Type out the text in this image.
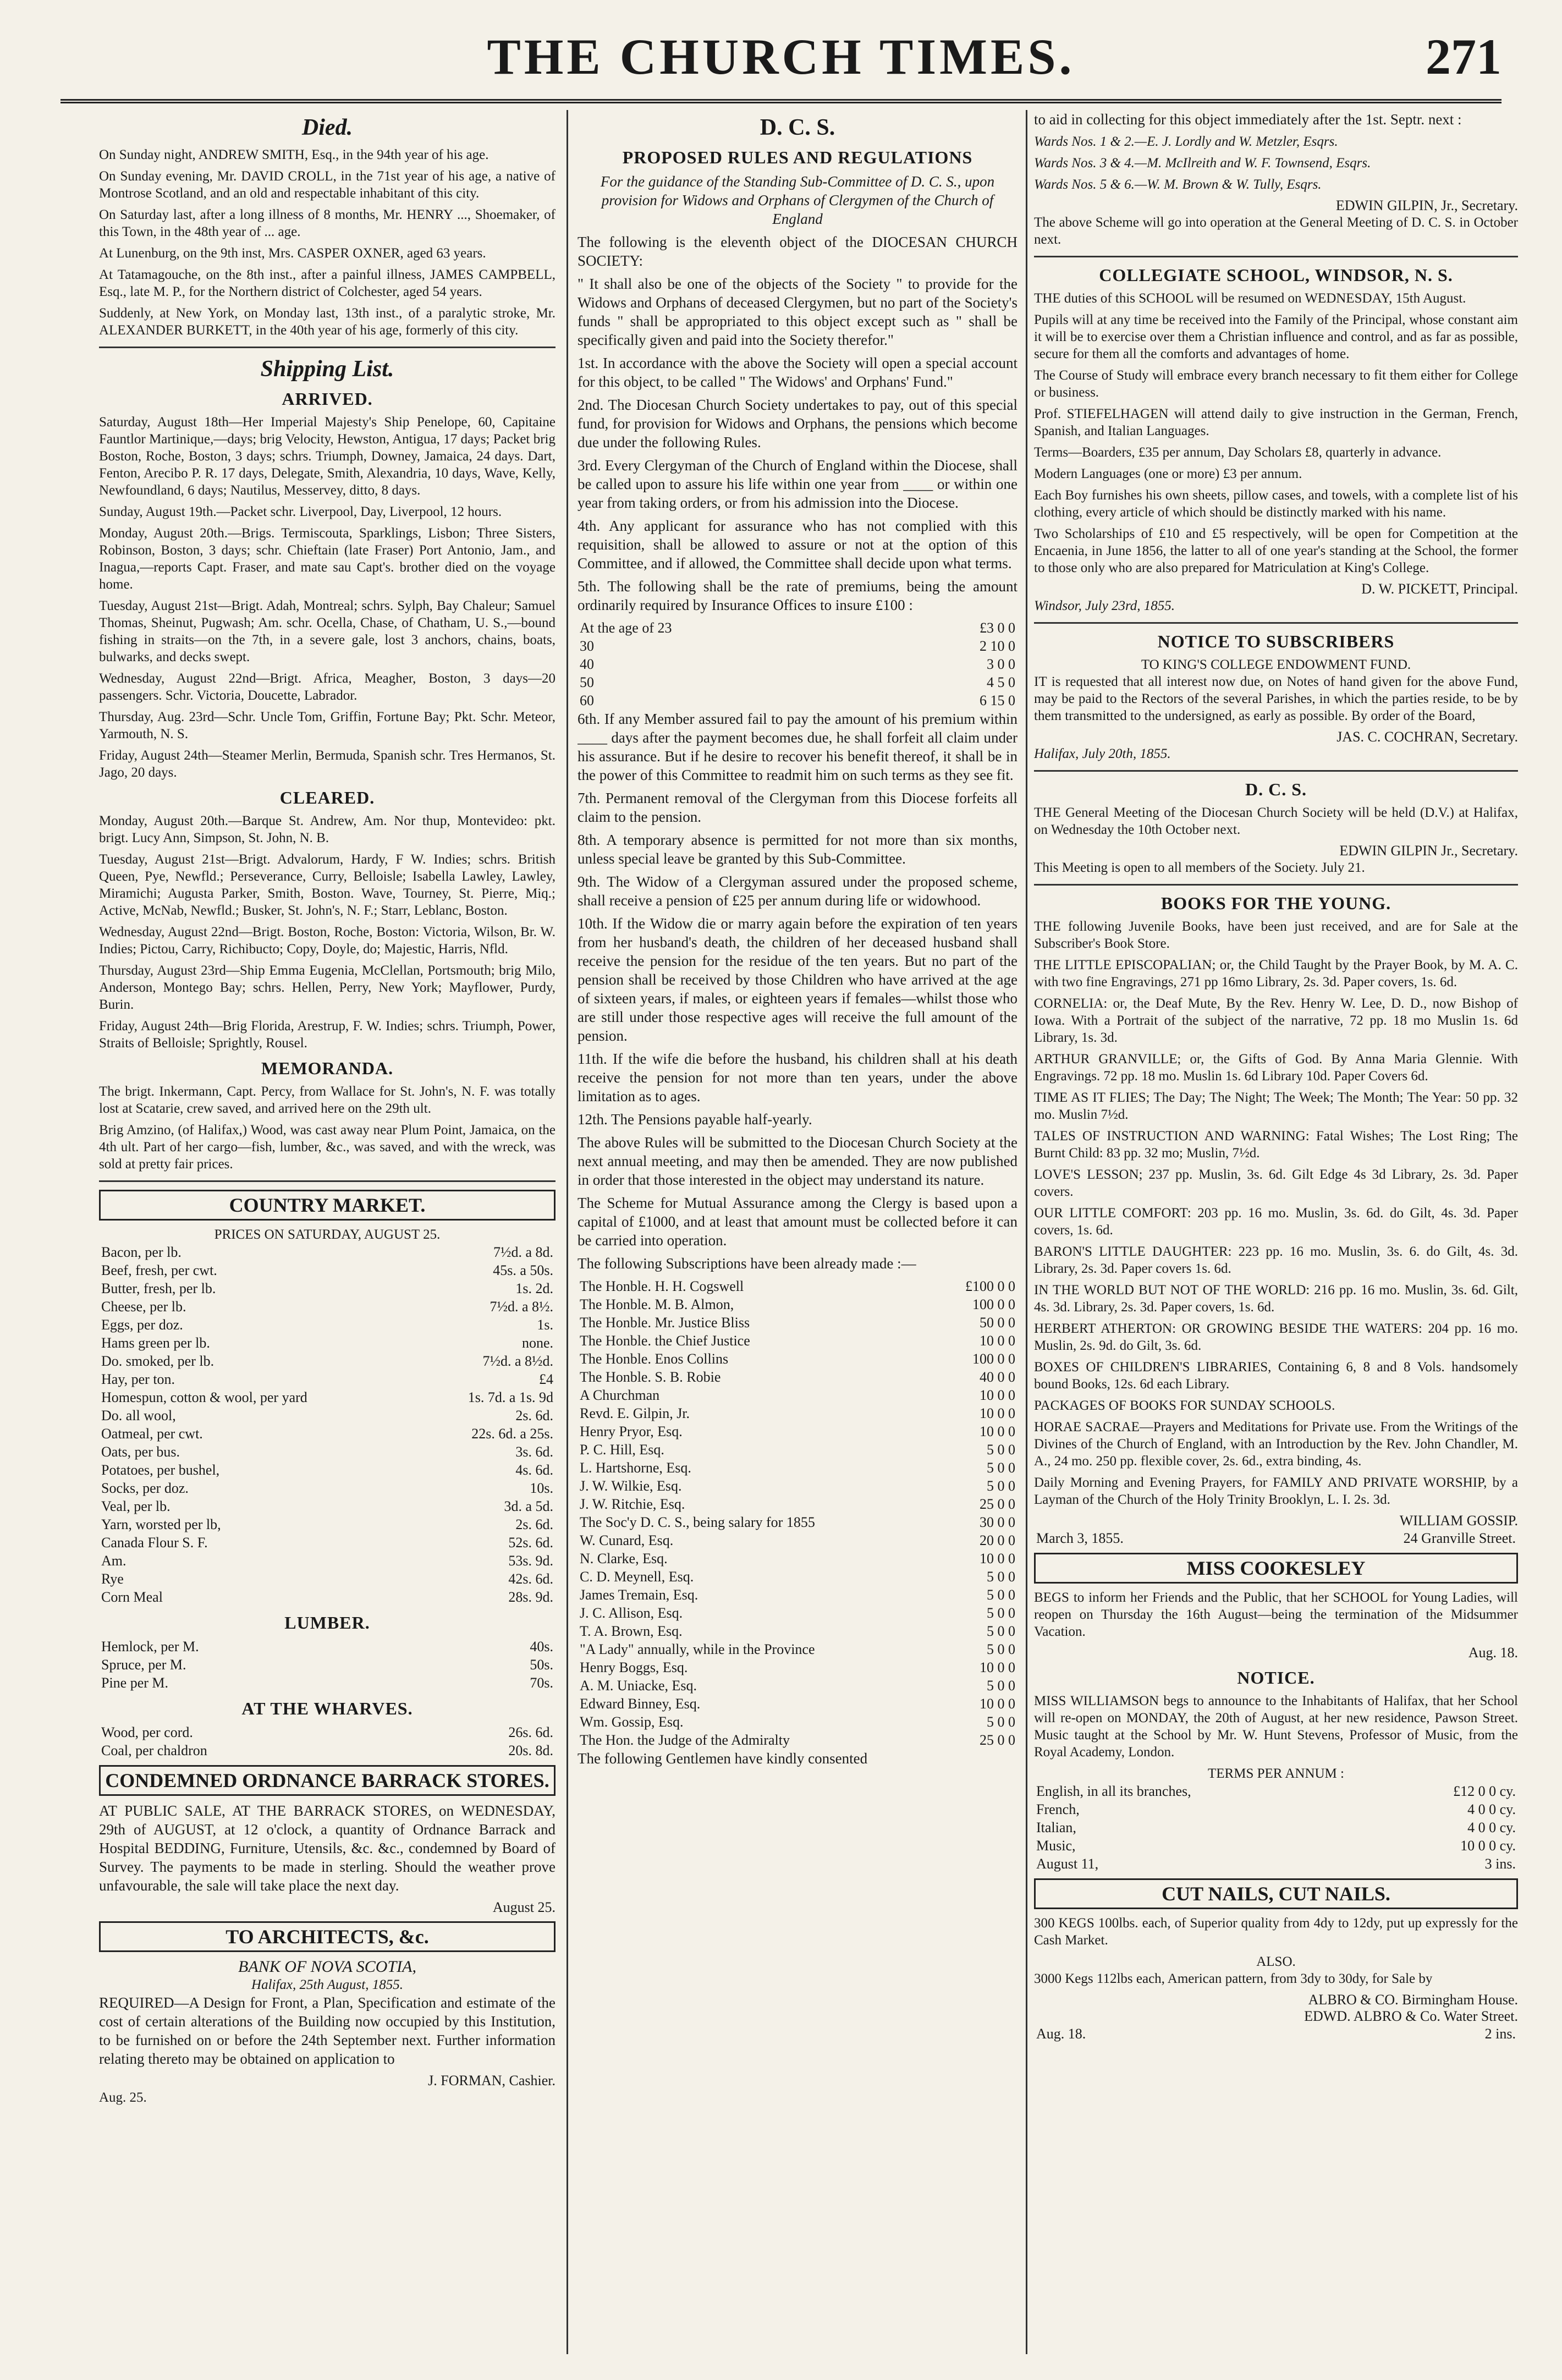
THE CHURCH TIMES.	271
Died.

On Sunday night, ANDREW SMITH, Esq., in the 94th year of his age.

On Sunday evening, Mr. DAVID CROLL, in the 71st year of his age, a native of Montrose Scotland, and an old and respectable inhabitant of this city.

On Saturday last, after a long illness of 8 months, Mr. HENRY ..., Shoemaker, of this Town, in the 48th year of ... age.

At Lunenburg, on the 9th inst, Mrs. CASPER OXNER, aged 63 years.

At Tatamagouche, on the 8th inst., after a painful illness, JAMES CAMPBELL, Esq., late M. P., for the Northern district of Colchester, aged 54 years.

Suddenly, at New York, on Monday last, 13th inst., of a paralytic stroke, Mr. ALEXANDER BURKETT, in the 40th year of his age, formerly of this city.

Shipping List.
ARRIVED.

Saturday, August 18th—Her Imperial Majesty's Ship Penelope, 60, Capitaine Fauntlor Martinique,—days; brig Velocity, Hewston, Antigua, 17 days; Packet brig Boston, Roche, Boston, 3 days; schrs. Triumph, Downey, Jamaica, 24 days. Dart, Fenton, Arecibo P. R. 17 days, Delegate, Smith, Alexandria, 10 days, Wave, Kelly, Newfoundland, 6 days; Nautilus, Messervey, ditto, 8 days.

Sunday, August 19th.—Packet schr. Liverpool, Day, Liverpool, 12 hours.

Monday, August 20th.—Brigs. Termiscouta, Sparklings, Lisbon; Three Sisters, Robinson, Boston, 3 days; schr. Chieftain (late Fraser) Port Antonio, Jam., and Inagua,—reports Capt. Fraser, and mate sau Capt's. brother died on the voyage home.

Tuesday, August 21st—Brigt. Adah, Montreal; schrs. Sylph, Bay Chaleur; Samuel Thomas, Sheinut, Pugwash; Am. schr. Ocella, Chase, of Chatham, U. S.,—bound fishing in straits—on the 7th, in a severe gale, lost 3 anchors, chains, boats, bulwarks, and decks swept.

Wednesday, August 22nd—Brigt. Africa, Meagher, Boston, 3 days—20 passengers. Schr. Victoria, Doucette, Labrador.

Thursday, Aug. 23rd—Schr. Uncle Tom, Griffin, Fortune Bay; Pkt. Schr. Meteor, Yarmouth, N. S.

Friday, August 24th—Steamer Merlin, Bermuda, Spanish schr. Tres Hermanos, St. Jago, 20 days.

CLEARED.

Monday, August 20th.—Barque St. Andrew, Am. Nor thup, Montevideo: pkt. brigt. Lucy Ann, Simpson, St. John, N. B.

Tuesday, August 21st—Brigt. Advalorum, Hardy, F W. Indies; schrs. British Queen, Pye, Newfld.; Perseverance, Curry, Belloisle; Isabella Lawley, Lawley, Miramichi; Augusta Parker, Smith, Boston. Wave, Tourney, St. Pierre, Miq.; Active, McNab, Newfld.; Busker, St. John's, N. F.; Starr, Leblanc, Boston.

Wednesday, August 22nd—Brigt. Boston, Roche, Boston: Victoria, Wilson, Br. W. Indies; Pictou, Carry, Richibucto; Copy, Doyle, do; Majestic, Harris, Nfld.

Thursday, August 23rd—Ship Emma Eugenia, McClellan, Portsmouth; brig Milo, Anderson, Montego Bay; schrs. Hellen, Perry, New York; Mayflower, Purdy, Burin.

Friday, August 24th—Brig Florida, Arestrup, F. W. Indies; schrs. Triumph, Power, Straits of Belloisle; Sprightly, Rousel.

MEMORANDA.

The brigt. Inkermann, Capt. Percy, from Wallace for St. John's, N. F. was totally lost at Scatarie, crew saved, and arrived here on the 29th ult.

Brig Amzino, (of Halifax,) Wood, was cast away near Plum Point, Jamaica, on the 4th ult. Part of her cargo—fish, lumber, &c., was saved, and with the wreck, was sold at pretty fair prices.

COUNTRY MARKET.
PRICES ON SATURDAY, AUGUST 25.
Bacon, per lb.	7½d. a 8d.
Beef, fresh, per cwt.	45s. a 50s.
Butter, fresh, per lb.	1s. 2d.
Cheese, per lb.	7½d. a 8½.
Eggs, per doz.	1s.
Hams green per lb.	none.
Do. smoked, per lb.	7½d. a 8½d.
Hay, per ton.	£4
Homespun, cotton & wool, per yard	1s. 7d. a 1s. 9d
Do. all wool,	2s. 6d.
Oatmeal, per cwt.	22s. 6d. a 25s.
Oats, per bus.	3s. 6d.
Potatoes, per bushel,	4s. 6d.
Socks, per doz.	10s.
Veal, per lb.	3d. a 5d.
Yarn, worsted per lb,	2s. 6d.
Canada Flour S. F.	52s. 6d.
Am.	53s. 9d.
Rye	42s. 6d.
Corn Meal	28s. 9d.
LUMBER.
Hemlock, per M.	40s.
Spruce, per M.	50s.
Pine per M.	70s.
AT THE WHARVES.
Wood, per cord.	26s. 6d.
Coal, per chaldron	20s. 8d.
CONDEMNED ORDNANCE BARRACK STORES.

AT PUBLIC SALE, AT THE BARRACK STORES, on WEDNESDAY, 29th of AUGUST, at 12 o'clock, a quantity of Ordnance Barrack and Hospital BEDDING, Furniture, Utensils, &c. &c., condemned by Board of Survey. The payments to be made in sterling. Should the weather prove unfavourable, the sale will take place the next day.

August 25.
TO ARCHITECTS, &c.
BANK OF NOVA SCOTIA,
Halifax, 25th August, 1855.

REQUIRED—A Design for Front, a Plan, Specification and estimate of the cost of certain alterations of the Building now occupied by this Institution, to be furnished on or before the 24th September next. Further information relating thereto may be obtained on application to

J. FORMAN, Cashier.
Aug. 25.
D. C. S.
PROPOSED RULES AND REGULATIONS

For the guidance of the Standing Sub-Committee of D. C. S., upon provision for Widows and Orphans of Clergymen of the Church of England

The following is the eleventh object of the DIOCESAN CHURCH SOCIETY:

" It shall also be one of the objects of the Society " to provide for the Widows and Orphans of deceased Clergymen, but no part of the Society's funds " shall be appropriated to this object except such as " shall be specifically given and paid into the Society therefor."

1st. In accordance with the above the Society will open a special account for this object, to be called " The Widows' and Orphans' Fund."

2nd. The Diocesan Church Society undertakes to pay, out of this special fund, for provision for Widows and Orphans, the pensions which become due under the following Rules.

3rd. Every Clergyman of the Church of England within the Diocese, shall be called upon to assure his life within one year from ____ or within one year from taking orders, or from his admission into the Diocese.

4th. Any applicant for assurance who has not complied with this requisition, shall be allowed to assure or not at the option of this Committee, and if allowed, the Committee shall decide upon what terms.

5th. The following shall be the rate of premiums, being the amount ordinarily required by Insurance Offices to insure £100 :

At the age of 23	£3 0 0
30	2 10 0
40	3 0 0
50	4 5 0
60	6 15 0

6th. If any Member assured fail to pay the amount of his premium within ____ days after the payment becomes due, he shall forfeit all claim under his assurance. But if he desire to recover his benefit thereof, it shall be in the power of this Committee to readmit him on such terms as they see fit.

7th. Permanent removal of the Clergyman from this Diocese forfeits all claim to the pension.

8th. A temporary absence is permitted for not more than six months, unless special leave be granted by this Sub-Committee.

9th. The Widow of a Clergyman assured under the proposed scheme, shall receive a pension of £25 per annum during life or widowhood.

10th. If the Widow die or marry again before the expiration of ten years from her husband's death, the children of her deceased husband shall receive the pension for the residue of the ten years. But no part of the pension shall be received by those Children who have arrived at the age of sixteen years, if males, or eighteen years if females—whilst those who are still under those respective ages will receive the full amount of the pension.

11th. If the wife die before the husband, his children shall at his death receive the pension for not more than ten years, under the above limitation as to ages.

12th. The Pensions payable half-yearly.

The above Rules will be submitted to the Diocesan Church Society at the next annual meeting, and may then be amended. They are now published in order that those interested in the object may understand its nature.

The Scheme for Mutual Assurance among the Clergy is based upon a capital of £1000, and at least that amount must be collected before it can be carried into operation.

The following Subscriptions have been already made :—

The Honble. H. H. Cogswell	£100 0 0
The Honble. M. B. Almon,	100 0 0
The Honble. Mr. Justice Bliss	50 0 0
The Honble. the Chief Justice	10 0 0
The Honble. Enos Collins	100 0 0
The Honble. S. B. Robie	40 0 0
A Churchman	10 0 0
Revd. E. Gilpin, Jr.	10 0 0
Henry Pryor, Esq.	10 0 0
P. C. Hill, Esq.	5 0 0
L. Hartshorne, Esq.	5 0 0
J. W. Wilkie, Esq.	5 0 0
J. W. Ritchie, Esq.	25 0 0
The Soc'y D. C. S., being salary for 1855	30 0 0
W. Cunard, Esq.	20 0 0
N. Clarke, Esq.	10 0 0
C. D. Meynell, Esq.	5 0 0
James Tremain, Esq.	5 0 0
J. C. Allison, Esq.	5 0 0
T. A. Brown, Esq.	5 0 0
"A Lady" annually, while in the Province	5 0 0
Henry Boggs, Esq.	10 0 0
A. M. Uniacke, Esq.	5 0 0
Edward Binney, Esq.	10 0 0
Wm. Gossip, Esq.	5 0 0
The Hon. the Judge of the Admiralty	25 0 0

The following Gentlemen have kindly consented

to aid in collecting for this object immediately after the 1st. Septr. next :

Wards Nos. 1 & 2.—E. J. Lordly and W. Metzler, Esqrs.

Wards Nos. 3 & 4.—M. McIlreith and W. F. Townsend, Esqrs.

Wards Nos. 5 & 6.—W. M. Brown & W. Tully, Esqrs.

EDWIN GILPIN, Jr., Secretary.

The above Scheme will go into operation at the General Meeting of D. C. S. in October next.

COLLEGIATE SCHOOL, WINDSOR, N. S.

THE duties of this SCHOOL will be resumed on WEDNESDAY, 15th August.

Pupils will at any time be received into the Family of the Principal, whose constant aim it will be to exercise over them a Christian influence and control, and as far as possible, secure for them all the comforts and advantages of home.

The Course of Study will embrace every branch necessary to fit them either for College or business.

Prof. STIEFELHAGEN will attend daily to give instruction in the German, French, Spanish, and Italian Languages.

Terms—Boarders, £35 per annum, Day Scholars £8, quarterly in advance.

Modern Languages (one or more) £3 per annum.

Each Boy furnishes his own sheets, pillow cases, and towels, with a complete list of his clothing, every article of which should be distinctly marked with his name.

Two Scholarships of £10 and £5 respectively, will be open for Competition at the Encaenia, in June 1856, the latter to all of one year's standing at the School, the former to those only who are also prepared for Matriculation at King's College.

D. W. PICKETT, Principal.
Windsor, July 23rd, 1855.
NOTICE TO SUBSCRIBERS
TO KING'S COLLEGE ENDOWMENT FUND.

IT is requested that all interest now due, on Notes of hand given for the above Fund, may be paid to the Rectors of the several Parishes, in which the parties reside, to be by them transmitted to the undersigned, as early as possible. By order of the Board,

JAS. C. COCHRAN, Secretary.
Halifax, July 20th, 1855.
D. C. S.

THE General Meeting of the Diocesan Church Society will be held (D.V.) at Halifax, on Wednesday the 10th October next.

EDWIN GILPIN Jr., Secretary.

This Meeting is open to all members of the Society. July 21.

BOOKS FOR THE YOUNG.

THE following Juvenile Books, have been just received, and are for Sale at the Subscriber's Book Store.

THE LITTLE EPISCOPALIAN; or, the Child Taught by the Prayer Book, by M. A. C. with two fine Engravings, 271 pp 16mo Library, 2s. 3d. Paper covers, 1s. 6d.

CORNELIA: or, the Deaf Mute, By the Rev. Henry W. Lee, D. D., now Bishop of Iowa. With a Portrait of the subject of the narrative, 72 pp. 18 mo Muslin 1s. 6d Library, 1s. 3d.

ARTHUR GRANVILLE; or, the Gifts of God. By Anna Maria Glennie. With Engravings. 72 pp. 18 mo. Muslin 1s. 6d Library 10d. Paper Covers 6d.

TIME AS IT FLIES; The Day; The Night; The Week; The Month; The Year: 50 pp. 32 mo. Muslin 7½d.

TALES OF INSTRUCTION AND WARNING: Fatal Wishes; The Lost Ring; The Burnt Child: 83 pp. 32 mo; Muslin, 7½d.

LOVE'S LESSON; 237 pp. Muslin, 3s. 6d. Gilt Edge 4s 3d Library, 2s. 3d. Paper covers.

OUR LITTLE COMFORT: 203 pp. 16 mo. Muslin, 3s. 6d. do Gilt, 4s. 3d. Paper covers, 1s. 6d.

BARON'S LITTLE DAUGHTER: 223 pp. 16 mo. Muslin, 3s. 6. do Gilt, 4s. 3d. Library, 2s. 3d. Paper covers 1s. 6d.

IN THE WORLD BUT NOT OF THE WORLD: 216 pp. 16 mo. Muslin, 3s. 6d. Gilt, 4s. 3d. Library, 2s. 3d. Paper covers, 1s. 6d.

HERBERT ATHERTON: OR GROWING BESIDE THE WATERS: 204 pp. 16 mo. Muslin, 2s. 9d. do Gilt, 3s. 6d.

BOXES OF CHILDREN'S LIBRARIES, Containing 6, 8 and 8 Vols. handsomely bound Books, 12s. 6d each Library.

PACKAGES OF BOOKS FOR SUNDAY SCHOOLS.

HORAE SACRAE—Prayers and Meditations for Private use. From the Writings of the Divines of the Church of England, with an Introduction by the Rev. John Chandler, M. A., 24 mo. 250 pp. flexible cover, 2s. 6d., extra binding, 4s.

Daily Morning and Evening Prayers, for FAMILY AND PRIVATE WORSHIP, by a Layman of the Church of the Holy Trinity Brooklyn, L. I. 2s. 3d.

WILLIAM GOSSIP.
March 3, 1855.	24 Granville Street.
MISS COOKESLEY

BEGS to inform her Friends and the Public, that her SCHOOL for Young Ladies, will reopen on Thursday the 16th August—being the termination of the Midsummer Vacation.

Aug. 18.
NOTICE.

MISS WILLIAMSON begs to announce to the Inhabitants of Halifax, that her School will re-open on MONDAY, the 20th of August, at her new residence, Pawson Street. Music taught at the School by Mr. W. Hunt Stevens, Professor of Music, from the Royal Academy, London.

TERMS PER ANNUM :
English, in all its branches,	£12 0 0 cy.
French,	4 0 0 cy.
Italian,	4 0 0 cy.
Music,	10 0 0 cy.
August 11,	3 ins.
CUT NAILS, CUT NAILS.

300 KEGS 100lbs. each, of Superior quality from 4dy to 12dy, put up expressly for the Cash Market.

ALSO.

3000 Kegs 112lbs each, American pattern, from 3dy to 30dy, for Sale by

ALBRO & CO. Birmingham House.
EDWD. ALBRO & Co. Water Street.
Aug. 18.	2 ins.
